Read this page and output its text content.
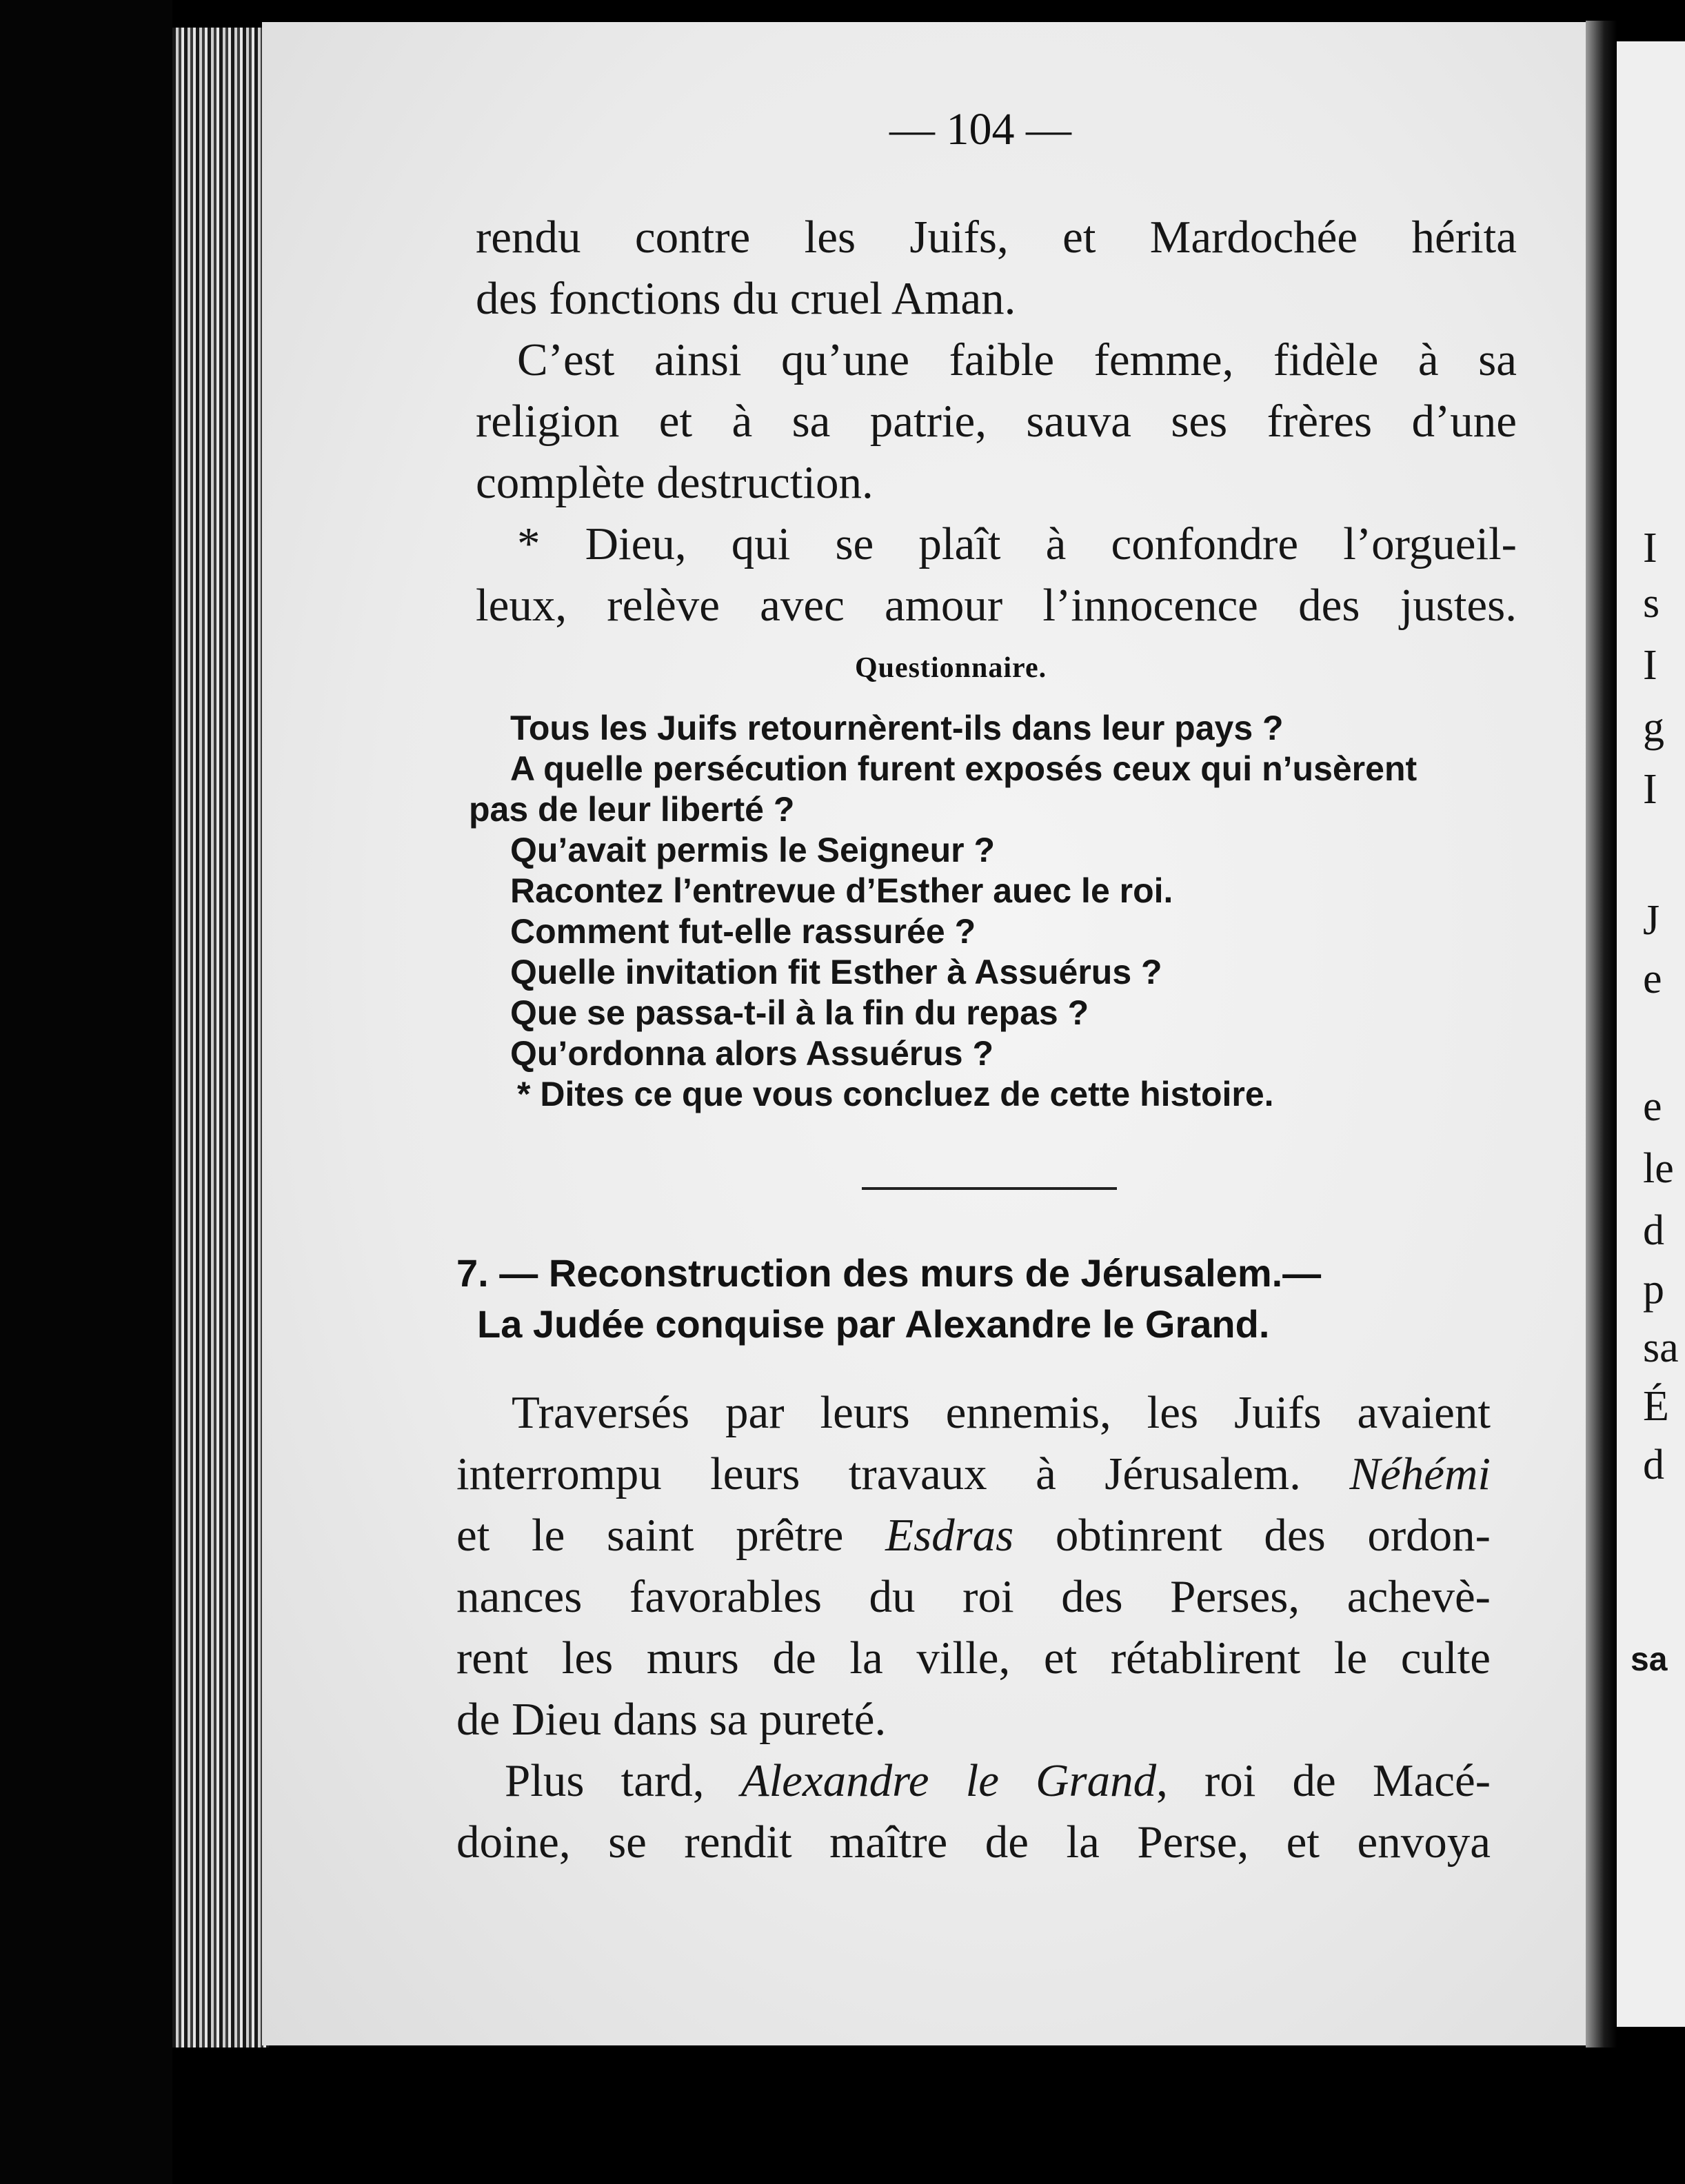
I
s
I
g
I
J
e
e
le
d
p
sa
É
d
sa
— 104 —
rendu contre les Juifs, et Mardochée hérita
des fonctions du cruel Aman.
C’est ainsi qu’une faible femme, fidèle à sa
religion et à sa patrie, sauva ses frères d’une
complète destruction.
* Dieu, qui se plaît à confondre l’orgueil-
leux, relève avec amour l’innocence des justes.
Questionnaire.
Tous les Juifs retournèrent-ils dans leur pays ?
A quelle persécution furent exposés ceux qui n’usèrent
pas de leur liberté ?
Qu’avait permis le Seigneur ?
Racontez l’entrevue d’Esther auec le roi.
Comment fut-elle rassurée ?
Quelle invitation fit Esther à Assuérus ?
Que se passa-t-il à la fin du repas ?
Qu’ordonna alors Assuérus ?
* Dites ce que vous concluez de cette histoire.
7. — Reconstruction des murs de Jérusalem.—
La Judée conquise par Alexandre le Grand.
Traversés par leurs ennemis, les Juifs avaient
interrompu leurs travaux à Jérusalem. Néhémi
et le saint prêtre Esdras obtinrent des ordon-
nances favorables du roi des Perses, achevè-
rent les murs de la ville, et rétablirent le culte
de Dieu dans sa pureté.
Plus tard, Alexandre le Grand, roi de Macé-
doine, se rendit maître de la Perse, et envoya
